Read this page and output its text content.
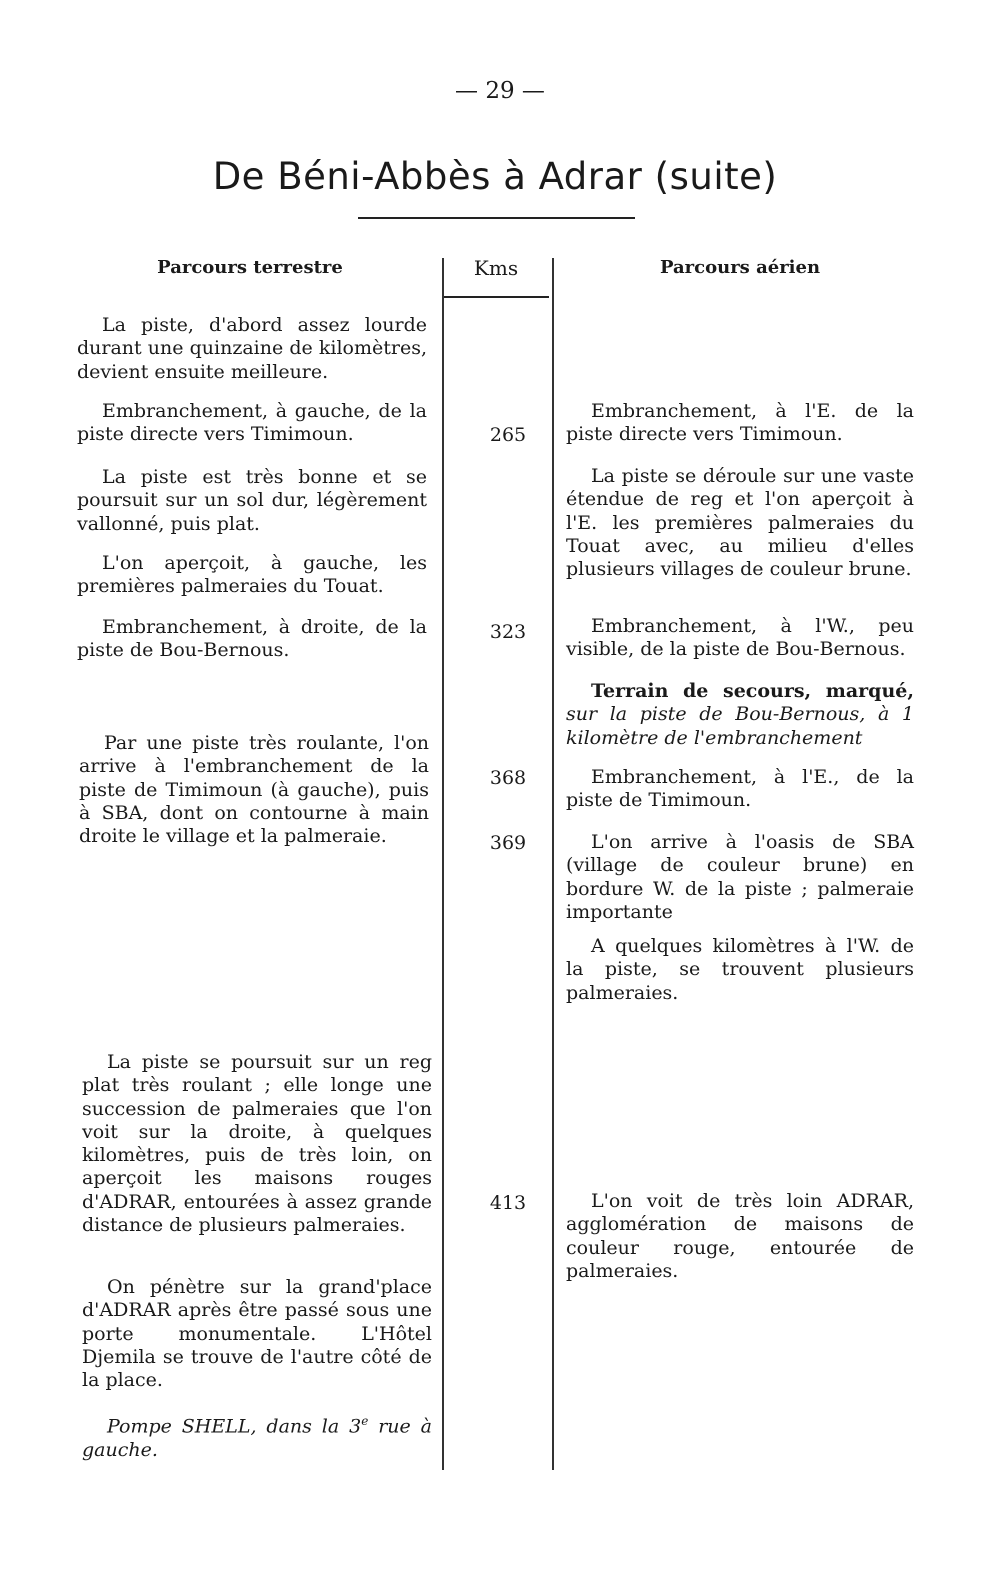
— 29 —
De Béni-Abbès à Adrar (suite)
Parcours terrestre	Kms	Parcours aérien
La piste, d'abord assez lourde durant une quinzaine de kilomètres, devient ensuite meilleure.
Embranchement, à gauche, de la piste directe vers Timimoun.
La piste est très bonne et se poursuit sur un sol dur, légèrement vallonné, puis plat.
L'on aperçoit, à gauche, les premières palmeraies du Touat.
Embranchement, à droite, de la piste de Bou-Bernous.
Par une piste très roulante, l'on arrive à l'embranchement de la piste de Timimoun (à gauche), puis à SBA, dont on contourne à main droite le village et la palmeraie.
La piste se poursuit sur un reg plat très roulant ; elle longe une succession de palmeraies que l'on voit sur la droite, à quelques kilomètres, puis de très loin, on aperçoit les maisons rouges d'ADRAR, entourées à assez grande distance de plusieurs palmeraies.
On pénètre sur la grand'place d'ADRAR après être passé sous une porte monumentale. L'Hôtel Djemila se trouve de l'autre côté de la place.
Pompe SHELL, dans la 3e rue à gauche.
265
323
368
369
413
Embranchement, à l'E. de la piste directe vers Timimoun.
La piste se déroule sur une vaste étendue de reg et l'on aperçoit à l'E. les premières palmeraies du Touat avec, au milieu d'elles plusieurs villages de couleur brune.
Embranchement, à l'W., peu visible, de la piste de Bou-Bernous.
Terrain de secours, marqué, sur la piste de Bou-Bernous, à 1 kilomètre de l'embranchement
Embranchement, à l'E., de la piste de Timimoun.
L'on arrive à l'oasis de SBA (village de couleur brune) en bordure W. de la piste ; palmeraie importante
A quelques kilomètres à l'W. de la piste, se trouvent plusieurs palmeraies.
L'on voit de très loin ADRAR, agglomération de maisons de couleur rouge, entourée de palmeraies.
